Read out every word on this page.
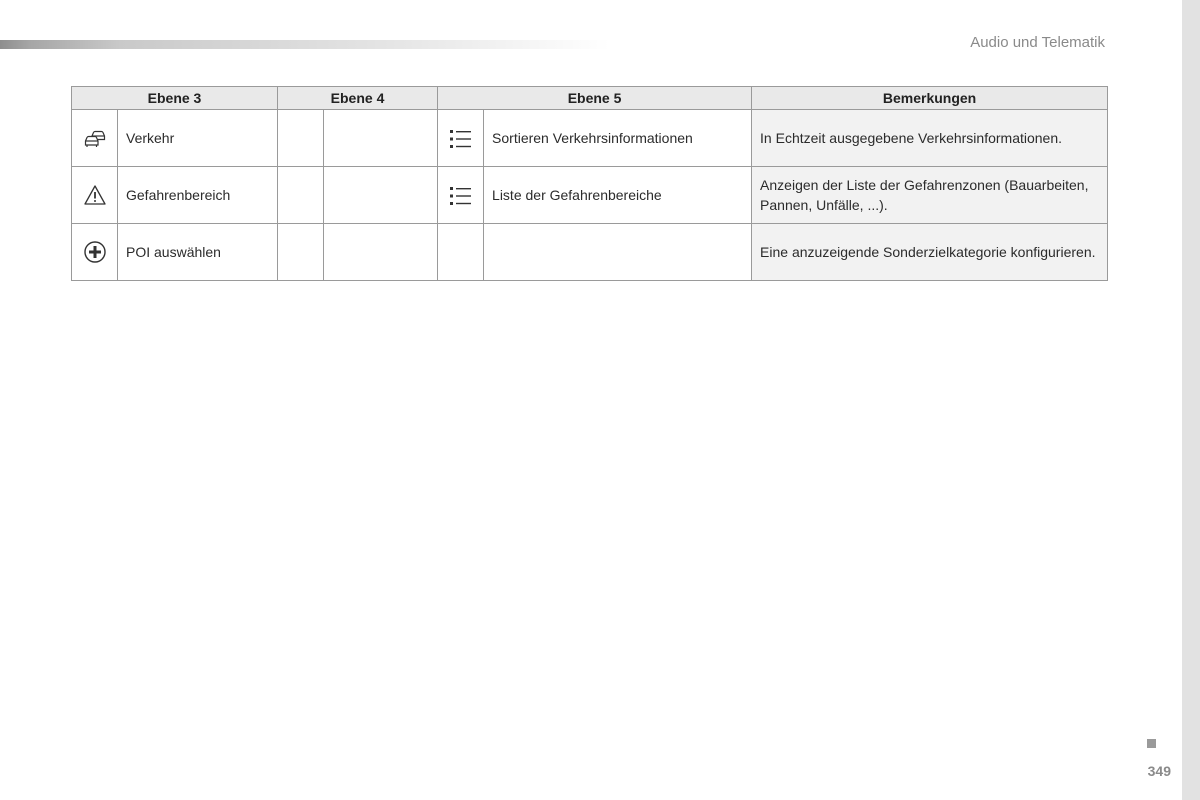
Audio und Telematik
Ebene 3		Ebene 4		Ebene 5		Bemerkungen
	Verkehr				Sortieren Verkehrsinformationen	In Echtzeit ausgegebene Verkehrsinformationen.
	Gefahrenbereich				Liste der Gefahrenbereiche	Anzeigen der Liste der Gefahrenzonen (Bauarbeiten, Pannen, Unfälle, ...).
	POI auswählen					Eine anzuzeigende Sonderzielkategorie konfigurieren.
349
